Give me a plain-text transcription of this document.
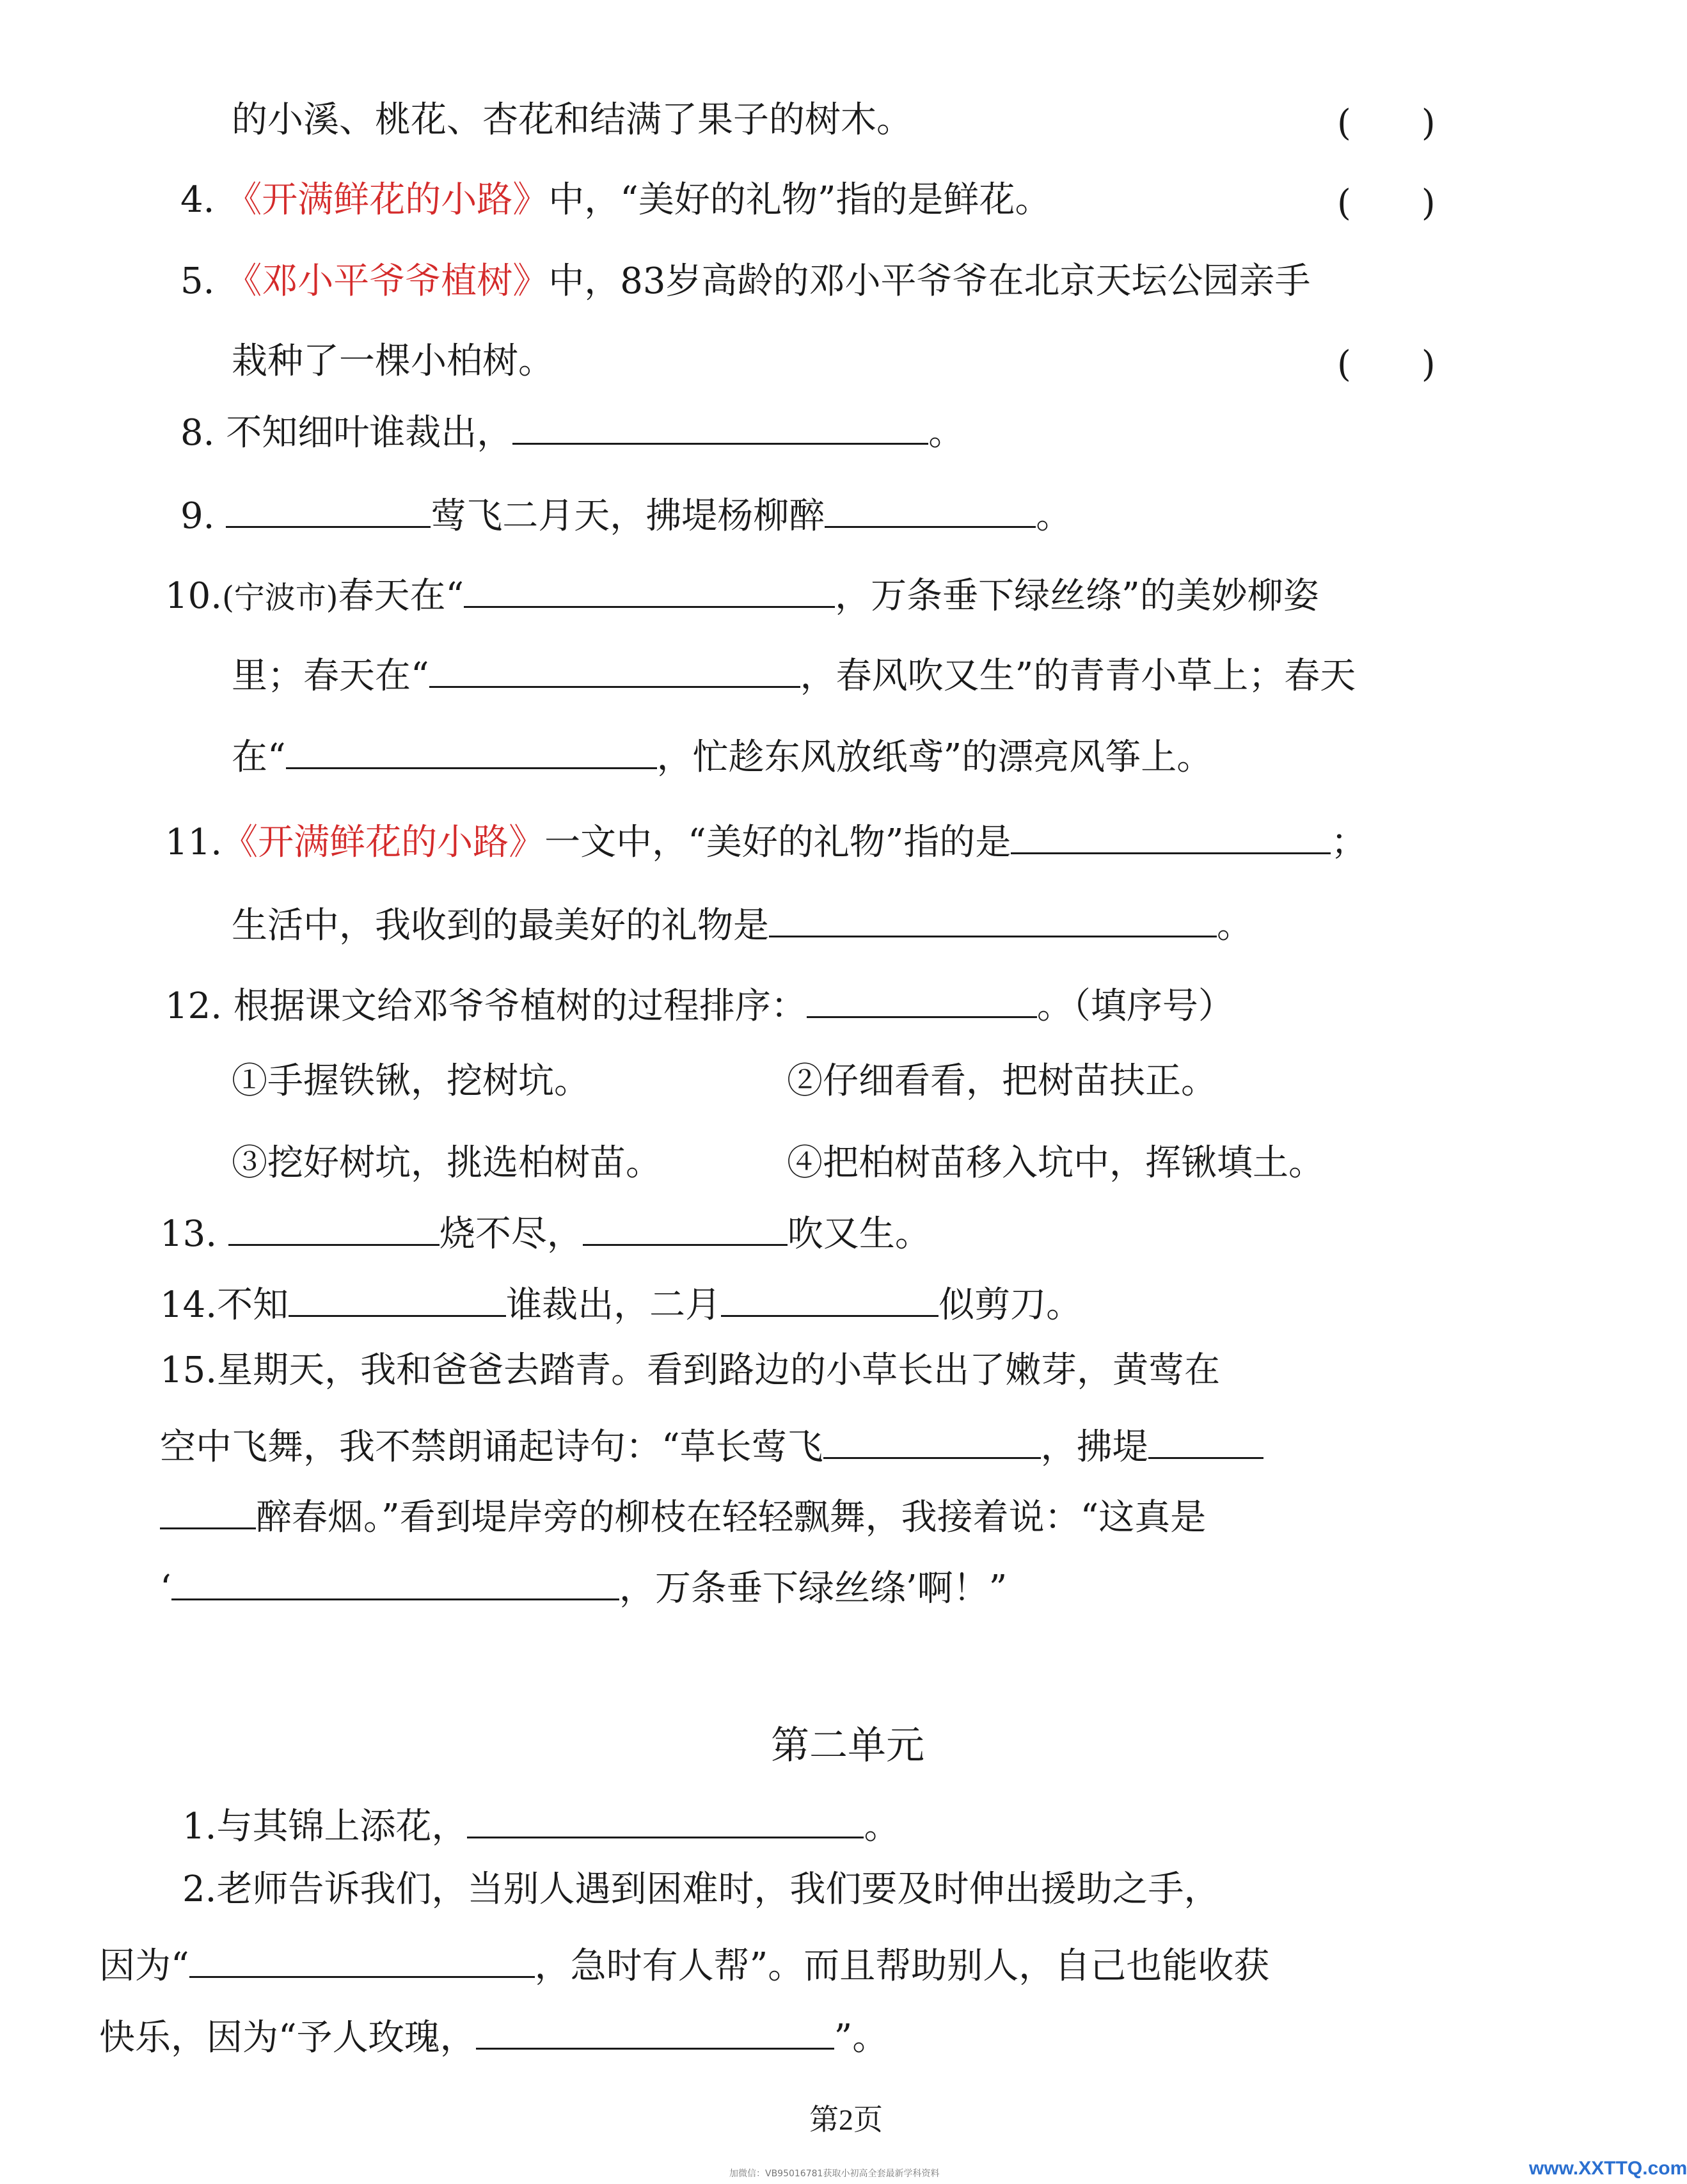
的小溪、桃花、杏花和结满了果子的树木。	( )
4. 《开满鲜花的小路》中，“美好的礼物”指的是鲜花。	( )
5. 《邓小平爷爷植树》中，83岁高龄的邓小平爷爷在北京天坛公园亲手
栽种了一棵小柏树。	( )
8. 不知细叶谁裁出，	。
9.	莺飞二月天，拂堤杨柳醉	。
10.(宁波市)春天在“	，万条垂下绿丝绦”的美妙柳姿
里；春天在“	，春风吹又生”的青青小草上；春天
在“	，忙趁东风放纸鸢”的漂亮风筝上。
11.《开满鲜花的小路》一文中，“美好的礼物”指的是	；
生活中，我收到的最美好的礼物是	。
12. 根据课文给邓爷爷植树的过程排序：	。（填序号）
①手握铁锹，挖树坑。	②仔细看看，把树苗扶正。
③挖好树坑，挑选柏树苗。	④把柏树苗移入坑中，挥锹填土。
13.	烧不尽，	吹又生。
14.不知	谁裁出，二月	似剪刀。
15.星期天，我和爸爸去踏青。看到路边的小草长出了嫩芽，黄莺在
空中飞舞，我不禁朗诵起诗句：“草长莺飞	，拂堤
醉春烟。”看到堤岸旁的柳枝在轻轻飘舞，我接着说：“这真是
‘	，万条垂下绿丝绦’啊！”
第二单元
1.与其锦上添花，	。
2.老师告诉我们，当别人遇到困难时，我们要及时伸出援助之手，
因为“	，急时有人帮”。而且帮助别人，自己也能收获
快乐，因为“予人玫瑰，	”。
第2页
加微信：VB95016781获取小初高全套最新学科资料	www.XXTTQ.com
